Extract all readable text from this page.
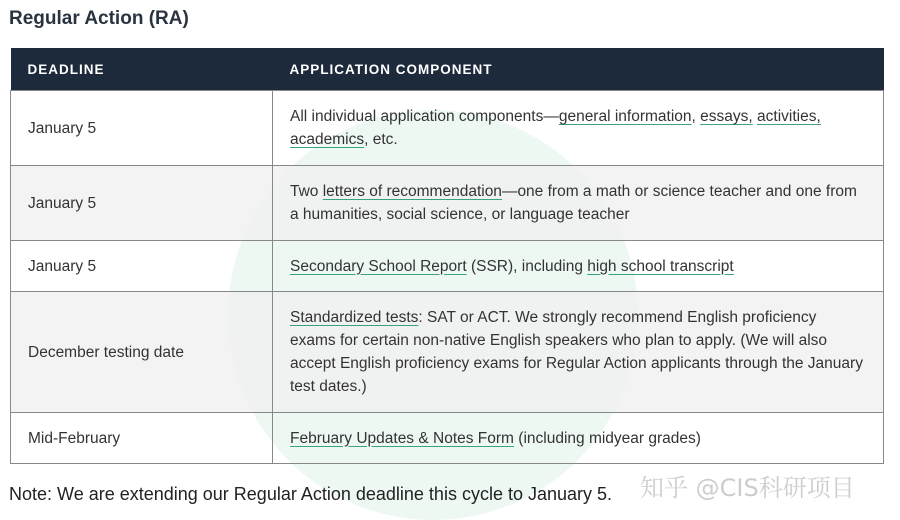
Regular Action (RA)
DEADLINE	APPLICATION COMPONENT
January 5	All individual application components—general information, essays, activities, academics, etc.
January 5	Two letters of recommendation—one from a math or science teacher and one from a humanities, social science, or language teacher
January 5	Secondary School Report (SSR), including high school transcript
December testing date	Standardized tests: SAT or ACT. We strongly recommend English proficiency exams for certain non-native English speakers who plan to apply. (We will also accept English proficiency exams for Regular Action applicants through the January test dates.)
Mid-February	February Updates & Notes Form (including midyear grades)
Note: We are extending our Regular Action deadline this cycle to January 5. 知乎 @CIS科研项目
